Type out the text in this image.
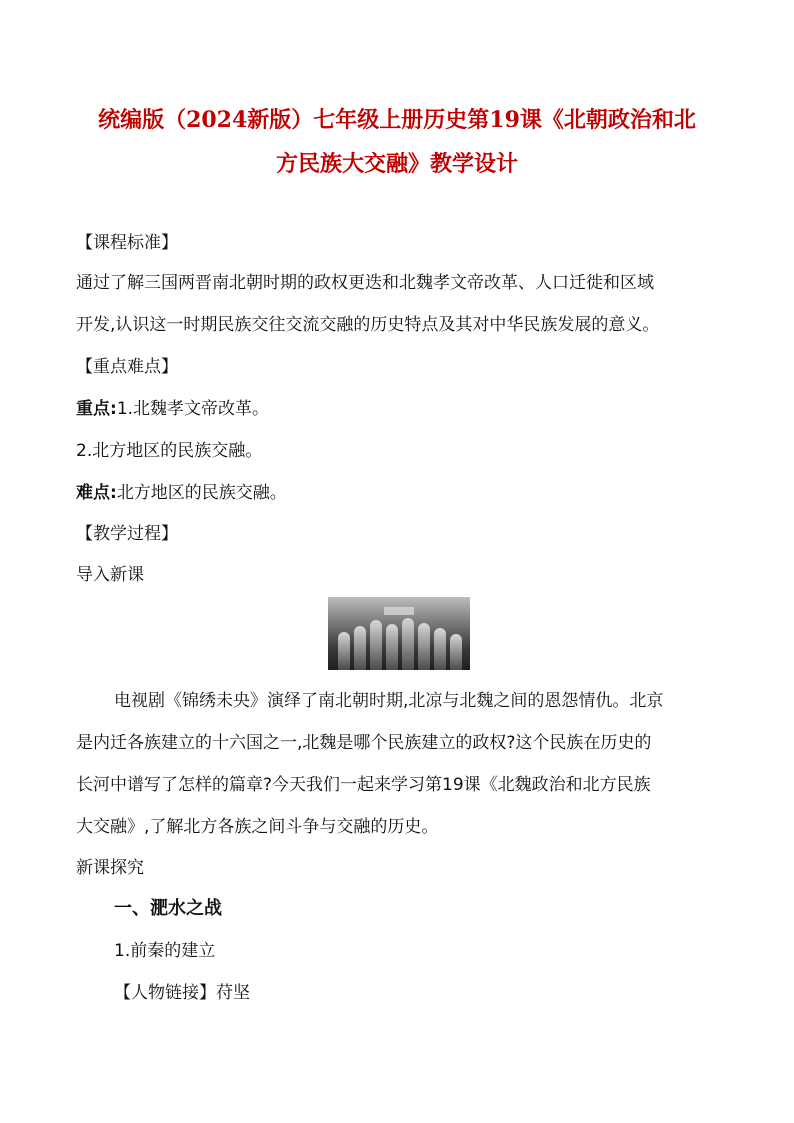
统编版（2024新版）七年级上册历史第19课《北朝政治和北
方民族大交融》教学设计
【课程标准】
通过了解三国两晋南北朝时期的政权更迭和北魏孝文帝改革、人口迁徙和区域
开发,认识这一时期民族交往交流交融的历史特点及其对中华民族发展的意义。
【重点难点】
重点:1.北魏孝文帝改革。
2.北方地区的民族交融。
难点:北方地区的民族交融。
【教学过程】
导入新课
电视剧《锦绣未央》演绎了南北朝时期,北凉与北魏之间的恩怨情仇。北京
是内迁各族建立的十六国之一,北魏是哪个民族建立的政权?这个民族在历史的
长河中谱写了怎样的篇章?今天我们一起来学习第19课《北魏政治和北方民族
大交融》,了解北方各族之间斗争与交融的历史。
新课探究
一、淝水之战
1.前秦的建立
【人物链接】苻坚
